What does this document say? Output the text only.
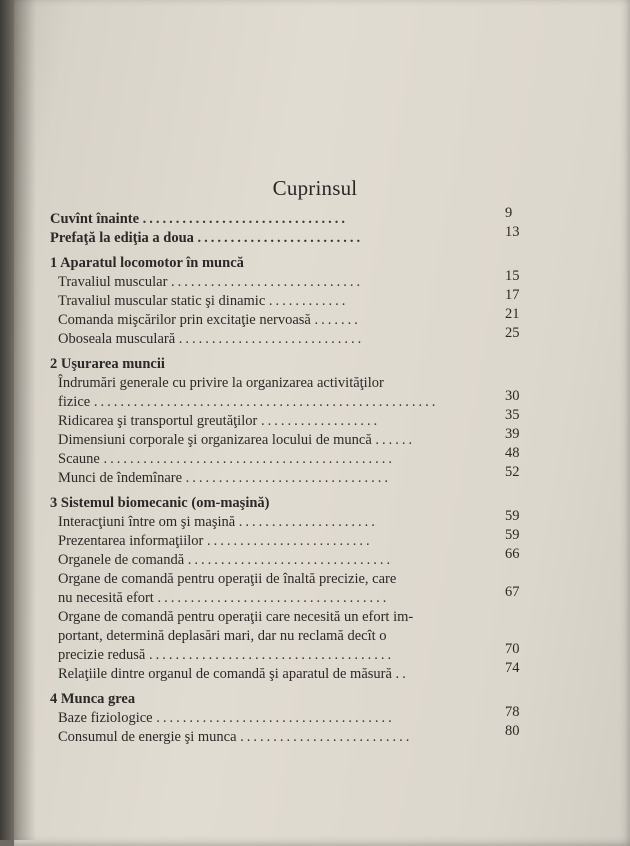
Cuprinsul
Cuvînt înainte ...............................	9
Prefaţă la ediţia a doua .........................	13
1 Aparatul locomotor în muncă
Travaliul muscular .............................	15
Travaliul muscular static şi dinamic ............	17
Comanda mişcărilor prin excitaţie nervoasă .......	21
Oboseala musculară ............................	25
2 Uşurarea muncii
Îndrumări generale cu privire la organizarea activităţilor
fizice ....................................................	30
Ridicarea şi transportul greutăţilor ..................	35
Dimensiuni corporale şi organizarea locului de muncă ......	39
Scaune ............................................	48
Munci de îndemînare ...............................	52
3 Sistemul biomecanic (om-maşină)
Interacţiuni între om şi maşină .....................	59
Prezentarea informaţiilor .........................	59
Organele de comandă ...............................	66
Organe de comandă pentru operaţii de înaltă precizie, care
nu necesită efort ...................................	67
Organe de comandă pentru operaţii care necesită un efort im-
portant, determină deplasări mari, dar nu reclamă decît o
precizie redusă .....................................	70
Relaţiile dintre organul de comandă şi aparatul de măsură ..	74
4 Munca grea
Baze fiziologice ....................................	78
Consumul de energie şi munca ..........................	80
